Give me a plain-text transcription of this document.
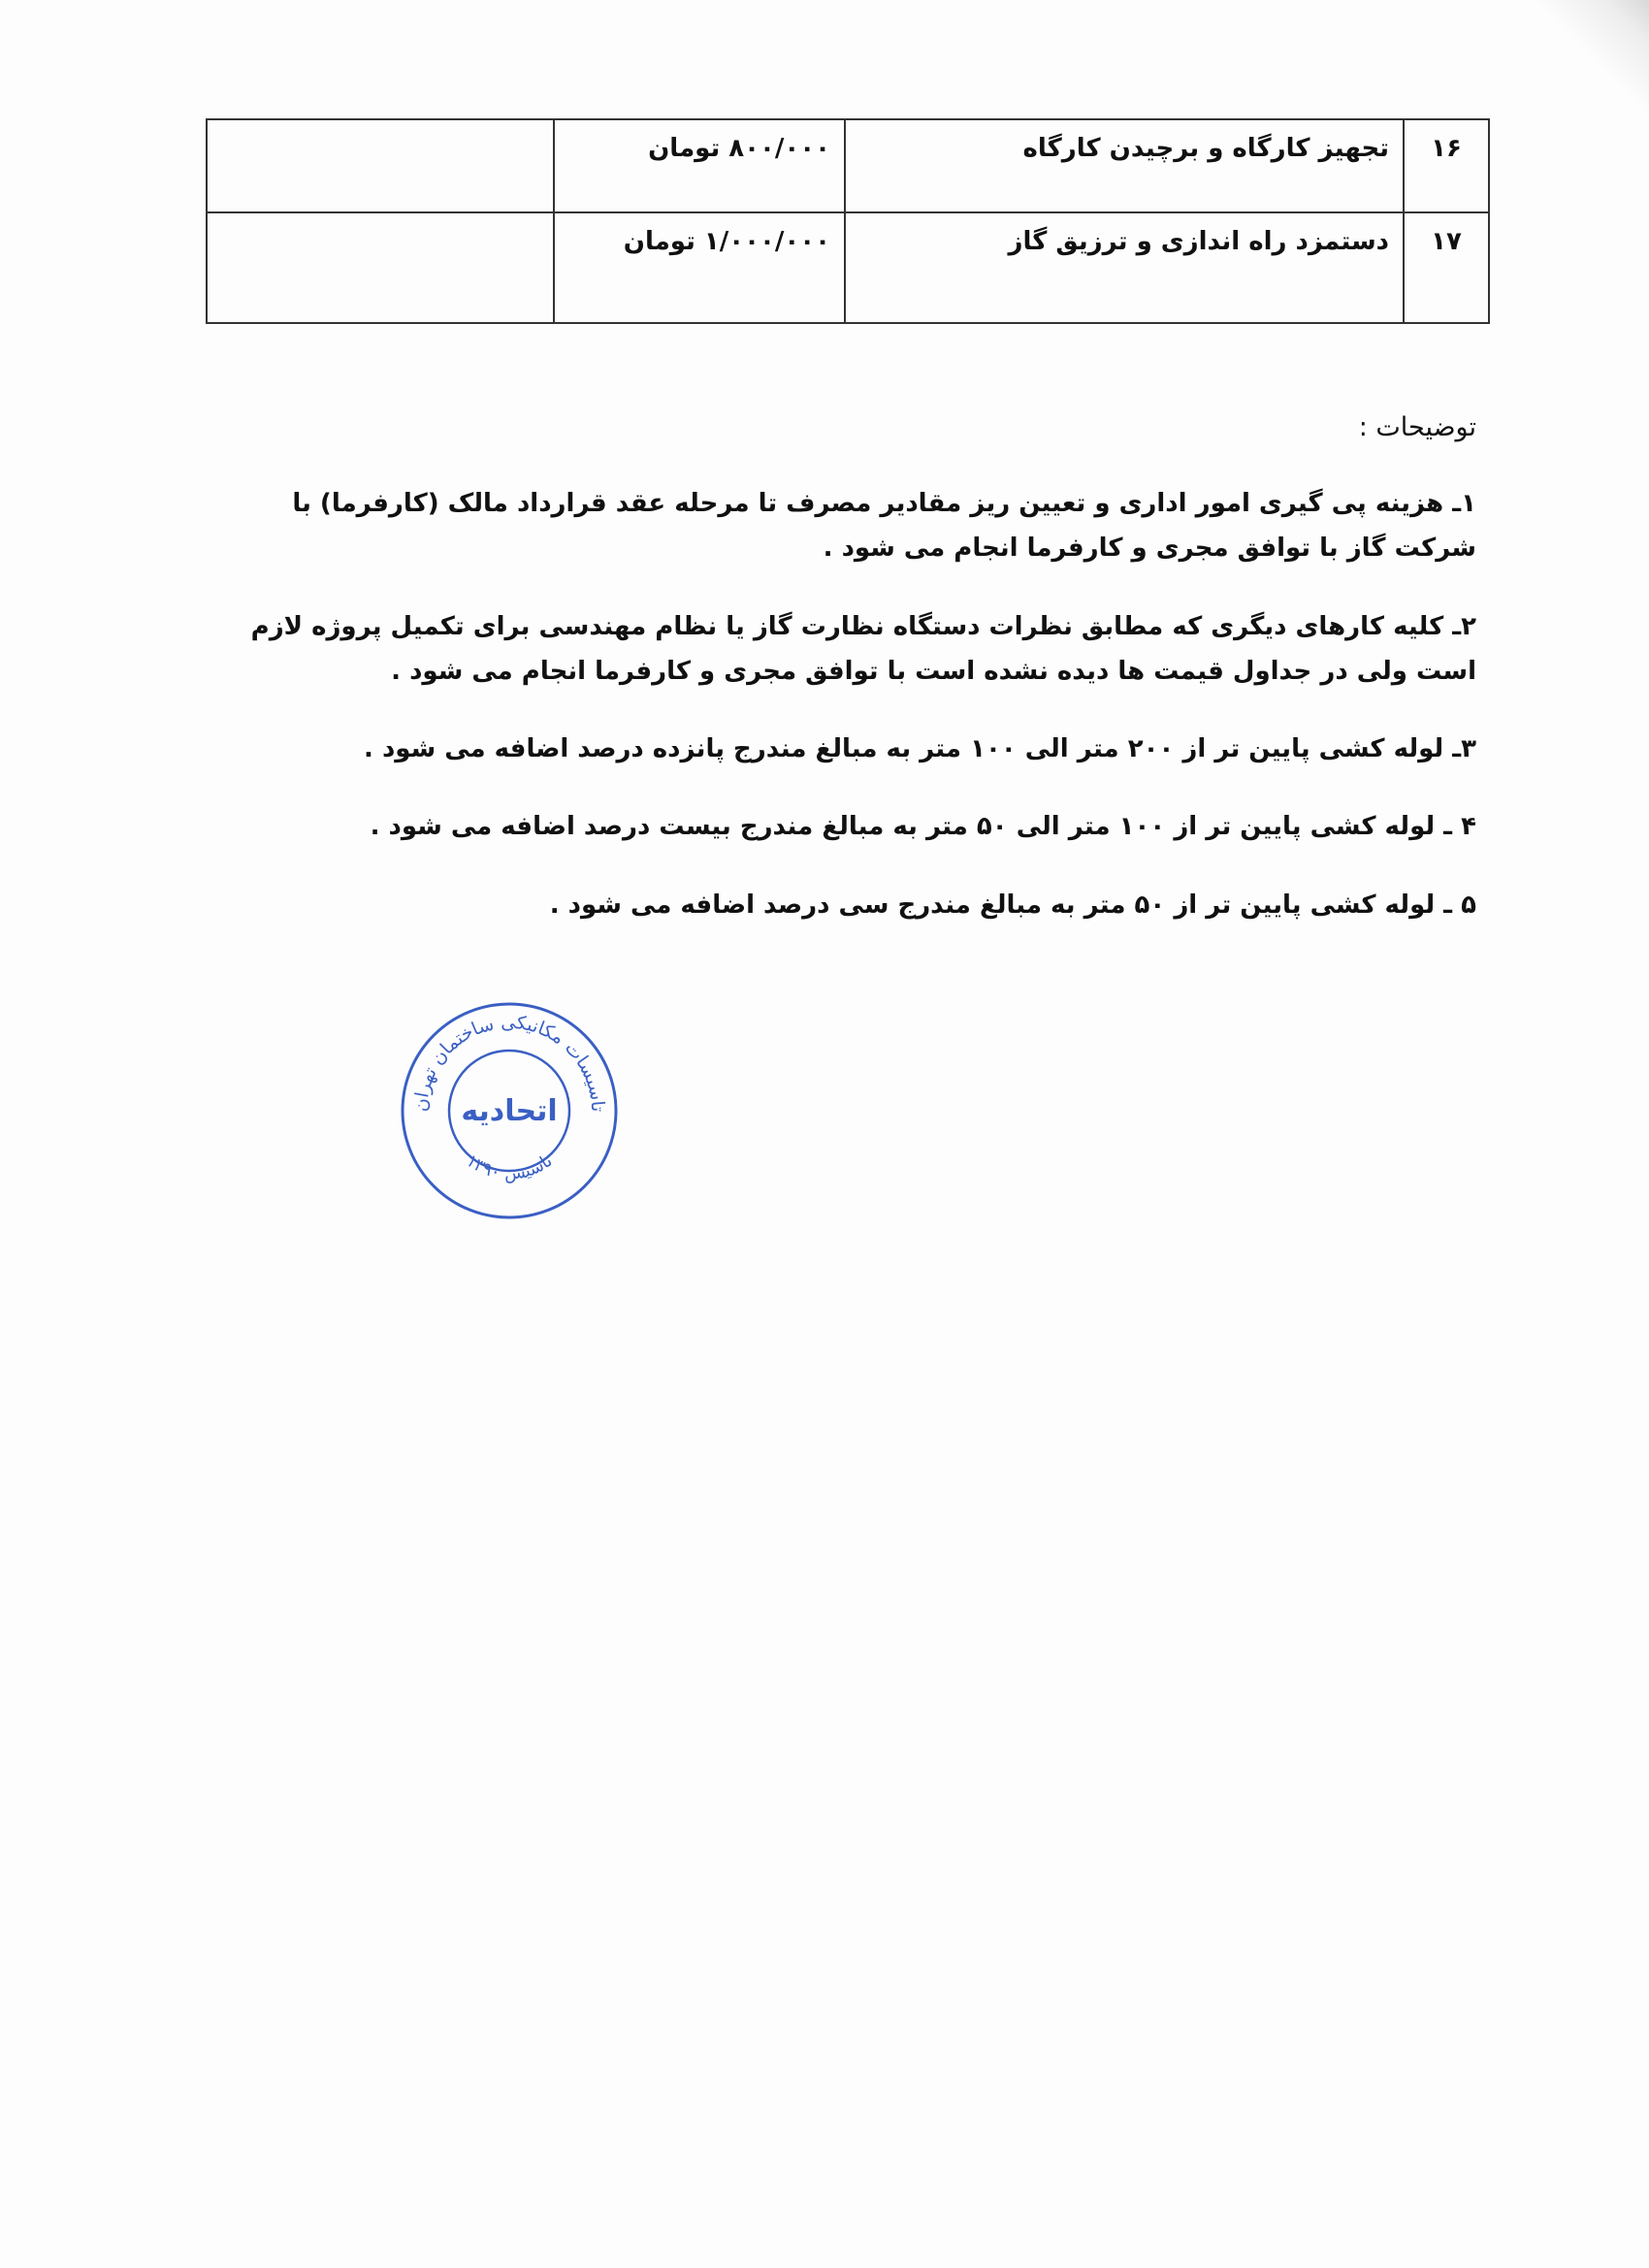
۱۶	تجهیز کارگاه و برچیدن کارگاه	۸۰۰/۰۰۰ تومان	
۱۷	دستمزد راه اندازی و ترزیق گاز	۱/۰۰۰/۰۰۰ تومان	
توضیحات :

۱ـ هزینه پی گیری امور اداری و تعیین ریز مقادیر مصرف تا مرحله عقد قرارداد مالک (کارفرما) با شرکت گاز با توافق مجری و کارفرما انجام می شود .

۲ـ کلیه کارهای دیگری که مطابق نظرات دستگاه نظارت گاز یا نظام مهندسی برای تکمیل پروژه لازم است ولی در جداول قیمت ها دیده نشده است با توافق مجری و کارفرما انجام می شود .

۳ـ لوله کشی پایین تر از ۲۰۰ متر الی ۱۰۰ متر به مبالغ مندرج پانزده درصد اضافه می شود .

۴ ـ لوله کشی پایین تر از ۱۰۰ متر الی ۵۰ متر به مبالغ مندرج بیست درصد اضافه می شود .

۵ ـ لوله کشی پایین تر از ۵۰ متر به مبالغ مندرج سی درصد اضافه می شود .

تاسیسات مکانیکی ساختمان تهران
تاسیس ۱۳۹۰
اتحادیه
